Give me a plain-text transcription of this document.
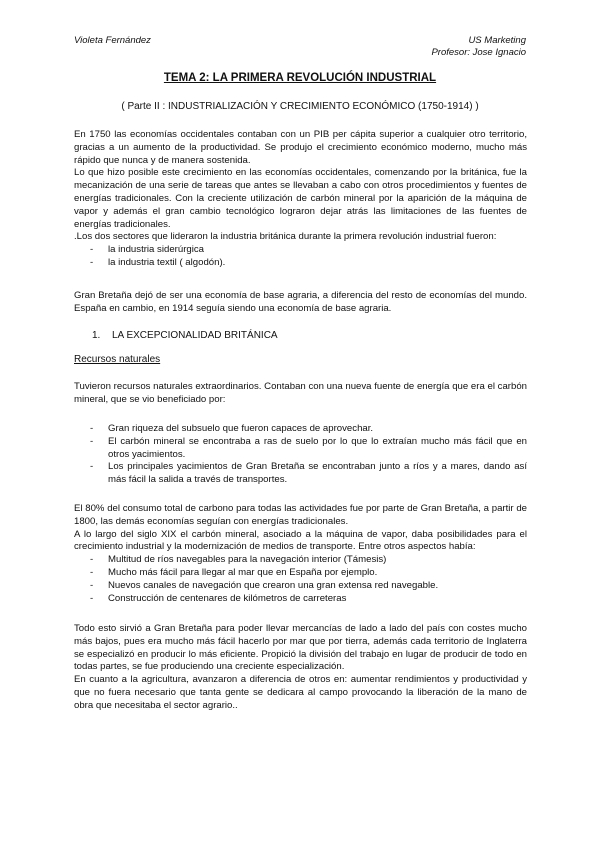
Violeta Fernández	US Marketing
Profesor: Jose Ignacio
TEMA 2: LA PRIMERA REVOLUCIÓN INDUSTRIAL
( Parte II : INDUSTRIALIZACIÓN Y CRECIMIENTO ECONÓMICO (1750-1914) )

En 1750 las economías occidentales contaban con un PIB per cápita superior a cualquier otro territorio, gracias a un aumento de la productividad. Se produjo el crecimiento económico moderno, mucho más rápido que nunca y de manera sostenida.

Lo que hizo posible este crecimiento en las economías occidentales, comenzando por la británica, fue la mecanización de una serie de tareas que antes se llevaban a cabo con otros procedimientos y fuentes de energías tradicionales. Con la creciente utilización de carbón mineral por la aparición de la máquina de vapor y además el gran cambio tecnológico lograron dejar atrás las limitaciones de las fuentes de energías tradicionales.

.Los dos sectores que lideraron la industria británica durante la primera revolución industrial fueron:

- la industria siderúrgica
- la industria textil ( algodón).

Gran Bretaña dejó de ser una economía de base agraria, a diferencia del resto de economías del mundo. España en cambio, en 1914 seguía siendo una economía de base agraria.

1. LA EXCEPCIONALIDAD BRITÁNICA
Recursos naturales

Tuvieron recursos naturales extraordinarios. Contaban con una nueva fuente de energía que era el carbón mineral, que se vio beneficiado por:

- Gran riqueza del subsuelo que fueron capaces de aprovechar.
- El carbón mineral se encontraba a ras de suelo por lo que lo extraían mucho más fácil que en otros yacimientos.
- Los principales yacimientos de Gran Bretaña se encontraban junto a ríos y a mares, dando así más fácil la salida a través de transportes.

El 80% del consumo total de carbono para todas las actividades fue por parte de Gran Bretaña, a partir de 1800, las demás economías seguían con energías tradicionales.

A lo largo del siglo XIX el carbón mineral, asociado a la máquina de vapor, daba posibilidades para el crecimiento industrial y la modernización de medios de transporte. Entre otros aspectos había:

- Multitud de ríos navegables para la navegación interior (Támesis)
- Mucho más fácil para llegar al mar que en España por ejemplo.
- Nuevos canales de navegación que crearon una gran extensa red navegable.
- Construcción de centenares de kilómetros de carreteras

Todo esto sirvió a Gran Bretaña para poder llevar mercancías de lado a lado del país con costes mucho más bajos, pues era mucho más fácil hacerlo por mar que por tierra, además cada territorio de Inglaterra se especializó en producir lo más eficiente. Propició la división del trabajo en lugar de producir de todo en todas partes, se fue produciendo una creciente especialización.

En cuanto a la agricultura, avanzaron a diferencia de otros en: aumentar rendimientos y productividad y que no fuera necesario que tanta gente se dedicara al campo provocando la liberación de la mano de obra que necesitaba el sector agrario..
